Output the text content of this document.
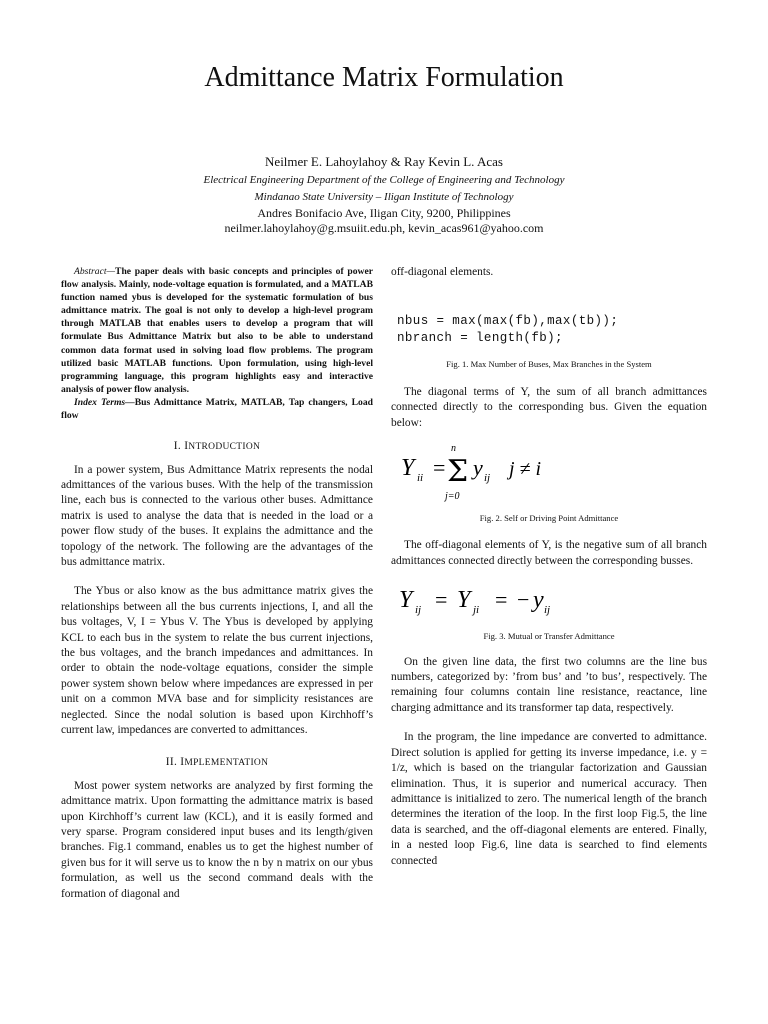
Admittance Matrix Formulation
Neilmer E. Lahoylahoy & Ray Kevin L. Acas
Electrical Engineering Department of the College of Engineering and Technology
Mindanao State University – Iligan Institute of Technology
Andres Bonifacio Ave, Iligan City, 9200, Philippines
neilmer.lahoylahoy@g.msuiit.edu.ph, kevin_acas961@yahoo.com

Abstract—The paper deals with basic concepts and principles of power flow analysis. Mainly, node-voltage equation is formulated, and a MATLAB function named ybus is developed for the systematic formulation of bus admittance matrix. The goal is not only to develop a high-level program through MATLAB that enables users to develop a program that will formulate Bus Admittance Matrix but also to be able to understand common data format used in solving load flow problems. The program utilized basic MATLAB functions. Upon formulation, using high-level programming language, this program highlights easy and interactive analysis of power flow analysis.

Index Terms—Bus Admittance Matrix, MATLAB, Tap changers, Load flow

I. INTRODUCTION

In a power system, Bus Admittance Matrix represents the nodal admittances of the various buses. With the help of the transmission line, each bus is connected to the various other buses. Admittance matrix is used to analyse the data that is needed in the load or a power flow study of the buses. It explains the admittance and the topology of the network. The following are the advantages of the bus admittance matrix.

The Ybus or also know as the bus admittance matrix gives the relationships between all the bus currents injections, I, and all the bus voltages, V, I = Ybus V. The Ybus is developed by applying KCL to each bus in the system to relate the bus current injections, the bus voltages, and the branch impedances and admittances. In order to obtain the node-voltage equations, consider the simple power system shown below where impedances are expressed in per unit on a common MVA base and for simplicity resistances are neglected. Since the nodal solution is based upon Kirchhoff’s current law, impedances are converted to admittances.

II. IMPLEMENTATION

Most power system networks are analyzed by first forming the admittance matrix. Upon formatting the admittance matrix is based upon Kirchhoff’s current law (KCL), and it is easily formed and very sparse. Program considered input buses and its length/given branches. Fig.1 command, enables us to get the highest number of given bus for it will serve us to know the n by n matrix on our ybus formulation, as well us the second command deals with the formation of diagonal and

off-diagonal elements.

nbus = max(max(fb),max(tb));
nbranch = length(fb);

Fig. 1. Max Number of Buses, Max Branches in the System

The diagonal terms of Y, the sum of all branch admittances connected directly to the corresponding bus. Given the equation below:

Y ii =
n
Σ
j=0
y ij j ≠ i

Fig. 2. Self or Driving Point Admittance

The off-diagonal elements of Y, is the negative sum of all branch admittances connected directly between the corresponding busses.

Y ij = Y ji = − y ij

Fig. 3. Mutual or Transfer Admittance

On the given line data, the first two columns are the line bus numbers, categorized by: ’from bus’ and ’to bus’, respectively. The remaining four columns contain line resistance, reactance, line charging admittance and its transformer tap data, respectively.

In the program, the line impedance are converted to admittance. Direct solution is applied for getting its inverse impedance, i.e. y = 1/z, which is based on the triangular factorization and Gaussian elimination. Thus, it is superior and numerical accuracy. Then admittance is initialized to zero. The numerical length of the branch determines the iteration of the loop. In the first loop Fig.5, the line data is searched, and the off-diagonal elements are entered. Finally, in a nested loop Fig.6, line data is searched to find elements connected
